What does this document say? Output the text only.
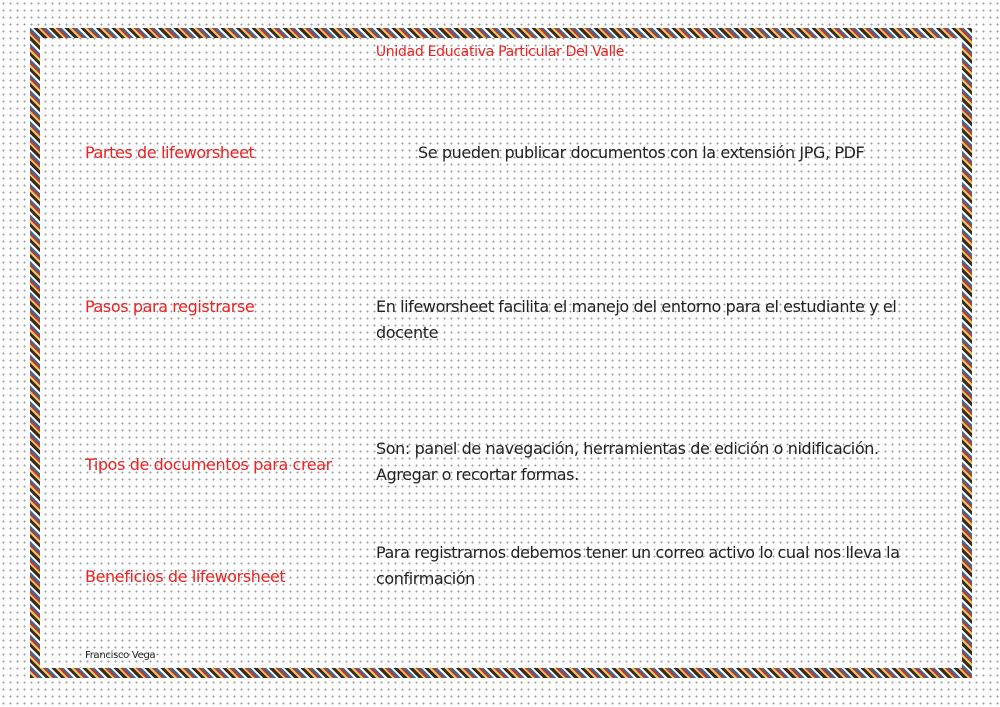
Unidad Educativa Particular Del Valle
Partes de lifeworsheet	Se pueden publicar documentos con la extensión JPG, PDF
Pasos para registrarse	En lifeworsheet facilita el manejo del entorno para el estudiante y el docente
Tipos de documentos para crear
Son: panel de navegación, herramientas de edición o nidificación. Agregar o recortar formas.
Beneficios de lifeworsheet
Para registrarnos debemos tener un correo activo lo cual nos lleva la confirmación
Francisco Vega
